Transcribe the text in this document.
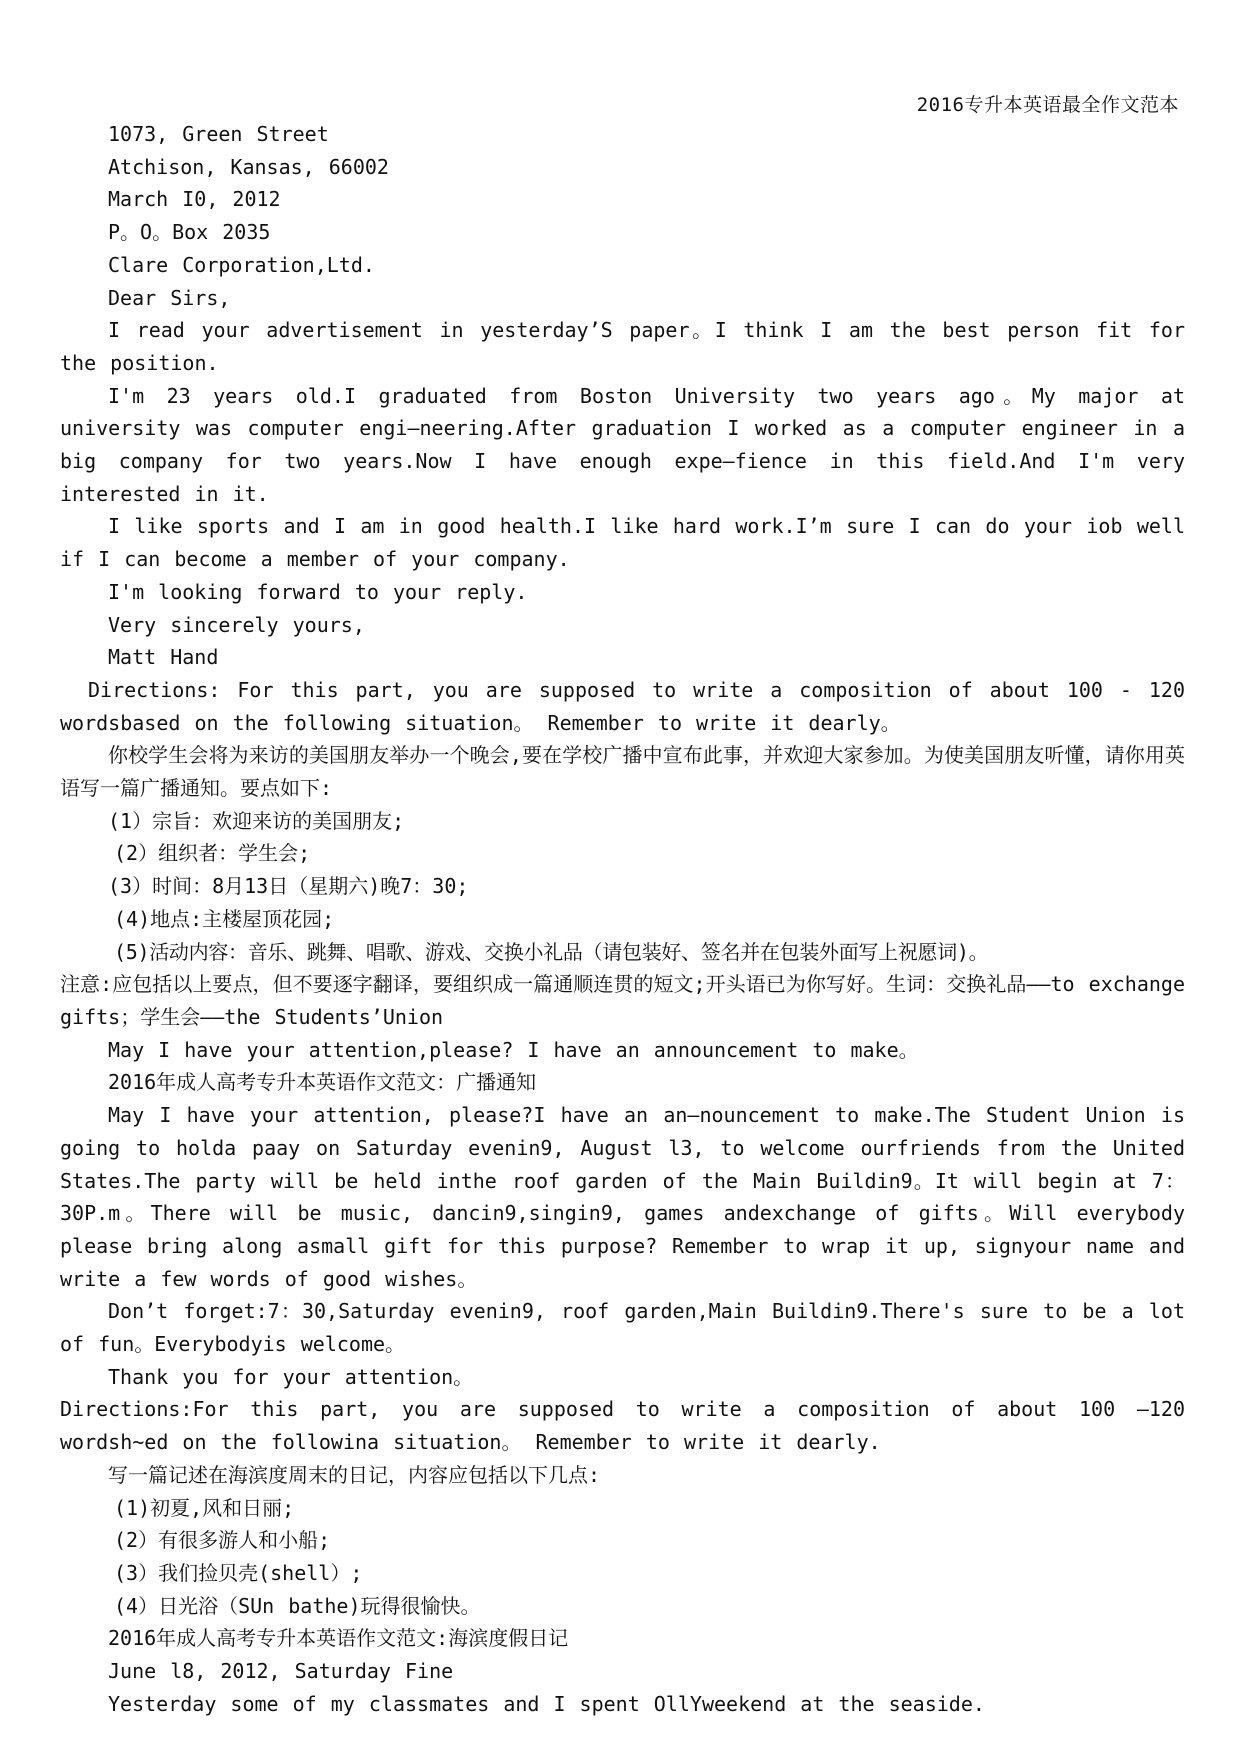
2016专升本英语最全作文范本

1073, Green Street

Atchison, Kansas, 66002

March I0, 2012

P。O。Box 2035

Clare Corporation,Ltd.

Dear Sirs,

I read your advertisement in yesterday’S paper。I think I am the best person fit for the position.

I'm 23 years old.I graduated from Boston University two years ago。My major at university was computer engi—neering.After graduation I worked as a computer engineer in a big company for two years.Now I have enough expe—fience in this field.And I'm very interested in it.

I like sports and I am in good health.I like hard work.I’m sure I can do your iob well if I can become a member of your company.

I'm looking forward to your reply.

Very sincerely yours,

Matt Hand

Directions: For this part, you are supposed to write a composition of about 100 - 120 wordsbased on the following situation。 Remember to write it dearly。

你校学生会将为来访的美国朋友举办一个晚会,要在学校广播中宣布此事，并欢迎大家参加。为使美国朋友听懂，请你用英语写一篇广播通知。要点如下:

(1）宗旨：欢迎来访的美国朋友;

(2）组织者：学生会;

(3）时间：8月13日（星期六)晚7：30;

(4)地点:主楼屋顶花园;

(5)活动内容：音乐、跳舞、唱歌、游戏、交换小礼品（请包装好、签名并在包装外面写上祝愿词)。

注意:应包括以上要点，但不要逐字翻译，要组织成一篇通顺连贯的短文;开头语已为你写好。生词：交换礼品——to exchange gifts；学生会——the Students’Union

May I have your attention,please? I have an announcement to make。

2016年成人高考专升本英语作文范文：广播通知

May I have your attention, please?I have an an—nouncement to make.The Student Union is going to holda paay on Saturday evenin9, August l3, to welcome ourfriends from the United States.The party will be held inthe roof garden of the Main Buildin9。It will begin at 7：30P.m。There will be music, dancin9,singin9, games andexchange of gifts。Will everybody please bring along asmall gift for this purpose? Remember to wrap it up, signyour name and write a few words of good wishes。

Don’t forget:7：30,Saturday evenin9, roof garden,Main Buildin9.There's sure to be a lot of fun。Everybodyis welcome。

Thank you for your attention。

Directions:For this part, you are supposed to write a composition of about 100 —120 wordsh~ed on the followina situation。 Remember to write it dearly.

写一篇记述在海滨度周末的日记，内容应包括以下几点:

(1)初夏,风和日丽;

(2）有很多游人和小船;

(3）我们捡贝壳(shell）;

(4）日光浴（SUn bathe)玩得很愉快。

2016年成人高考专升本英语作文范文:海滨度假日记

June l8, 2012, Saturday Fine

Yesterday some of my classmates and I spent OllYweekend at the seaside.
